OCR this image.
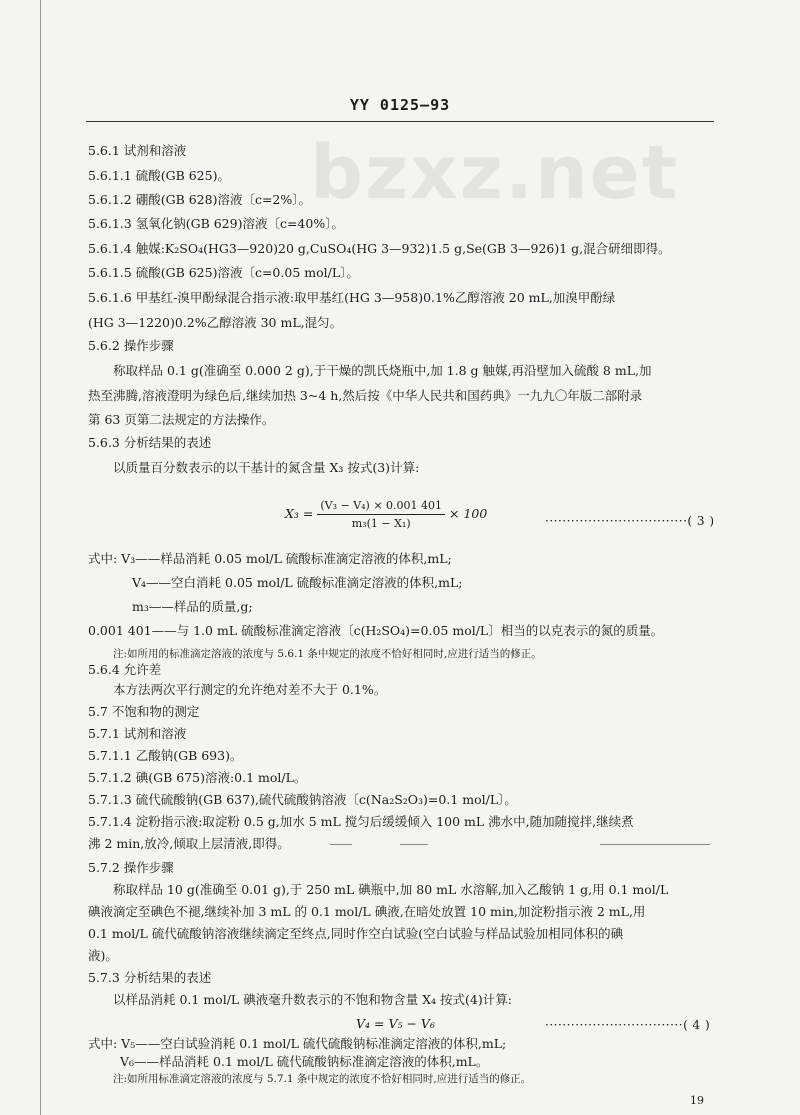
YY 0125—93
bzxz.net
5.6.1 试剂和溶液
5.6.1.1 硫酸(GB 625)。
5.6.1.2 硼酸(GB 628)溶液〔c=2%〕。
5.6.1.3 氢氧化钠(GB 629)溶液〔c=40%〕。
5.6.1.4 触媒:K₂SO₄(HG3—920)20 g,CuSO₄(HG 3—932)1.5 g,Se(GB 3—926)1 g,混合研细即得。
5.6.1.5 硫酸(GB 625)溶液〔c=0.05 mol/L〕。
5.6.1.6 甲基红-溴甲酚绿混合指示液:取甲基红(HG 3—958)0.1%乙醇溶液 20 mL,加溴甲酚绿
(HG 3—1220)0.2%乙醇溶液 30 mL,混匀。
5.6.2 操作步骤
称取样品 0.1 g(准确至 0.000 2 g),于干燥的凯氏烧瓶中,加 1.8 g 触媒,再沿壁加入硫酸 8 mL,加
热至沸腾,溶液澄明为绿色后,继续加热 3~4 h,然后按《中华人民共和国药典》一九九〇年版二部附录
第 63 页第二法规定的方法操作。
5.6.3 分析结果的表述
以质量百分数表示的以干基计的氮含量 X₃ 按式(3)计算:
$X_3 = \frac{\text{(V₃ − V₄) × 0.001 401}}{\text{m₃(1 − X₁)}} \times 100$	·································( 3 )
式中: V₃——样品消耗 0.05 mol/L 硫酸标准滴定溶液的体积,mL;
V₄——空白消耗 0.05 mol/L 硫酸标准滴定溶液的体积,mL;
m₃——样品的质量,g;
0.001 401——与 1.0 mL 硫酸标准滴定溶液〔c(H₂SO₄)=0.05 mol/L〕相当的以克表示的氮的质量。
注:如所用的标准滴定溶液的浓度与 5.6.1 条中规定的浓度不恰好相同时,应进行适当的修正。
5.6.4 允许差
本方法两次平行测定的允许绝对差不大于 0.1%。
5.7 不饱和物的测定
5.7.1 试剂和溶液
5.7.1.1 乙酸钠(GB 693)。
5.7.1.2 碘(GB 675)溶液:0.1 mol/L。
5.7.1.3 硫代硫酸钠(GB 637),硫代硫酸钠溶液〔c(Na₂S₂O₃)=0.1 mol/L〕。
5.7.1.4 淀粉指示液:取淀粉 0.5 g,加水 5 mL 搅匀后缓缓倾入 100 mL 沸水中,随加随搅拌,继续煮
沸 2 min,放冷,倾取上层清液,即得。
5.7.2 操作步骤
称取样品 10 g(准确至 0.01 g),于 250 mL 碘瓶中,加 80 mL 水溶解,加入乙酸钠 1 g,用 0.1 mol/L
碘液滴定至碘色不褪,继续补加 3 mL 的 0.1 mol/L 碘液,在暗处放置 10 min,加淀粉指示液 2 mL,用
0.1 mol/L 硫代硫酸钠溶液继续滴定至终点,同时作空白试验(空白试验与样品试验加相同体积的碘
液)。
5.7.3 分析结果的表述
以样品消耗 0.1 mol/L 碘液毫升数表示的不饱和物含量 X₄ 按式(4)计算:
V₄ = V₅ − V₆
19
································( 4 )
式中: V₅——空白试验消耗 0.1 mol/L 硫代硫酸钠标准滴定溶液的体积,mL;
V₆——样品消耗 0.1 mol/L 硫代硫酸钠标准滴定溶液的体积,mL。
注:如所用标准滴定溶液的浓度与 5.7.1 条中规定的浓度不恰好相同时,应进行适当的修正。
